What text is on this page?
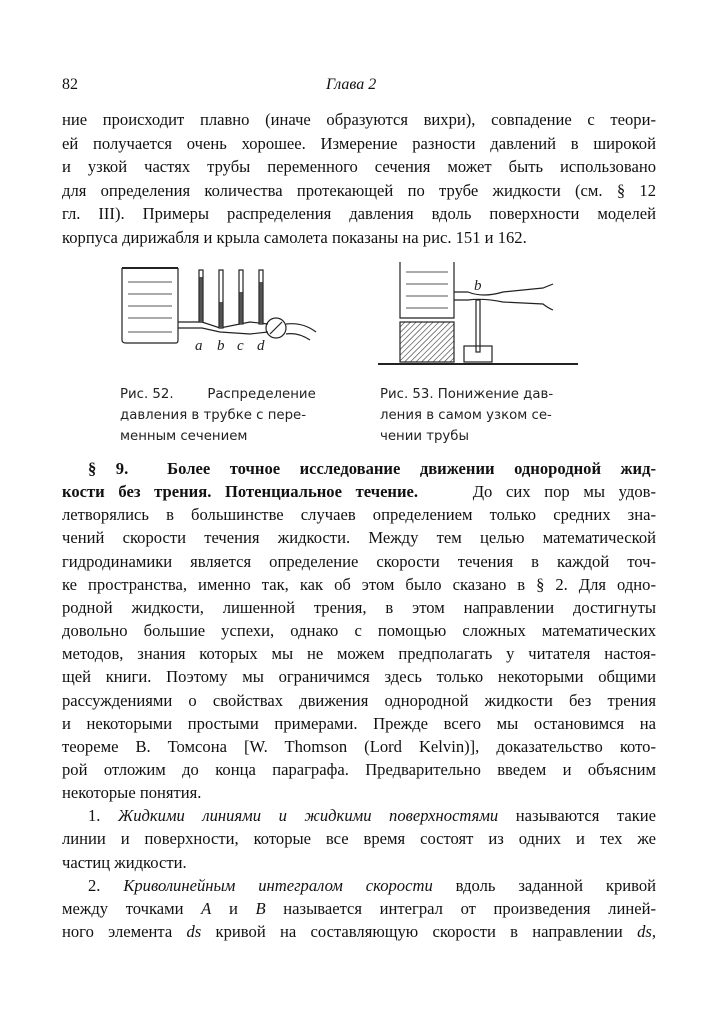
82	Глава 2
ние происходит плавно (иначе образуются вихри), совпадение с теори-
ей получается очень хорошее. Измерение разности давлений в широкой
и узкой частях трубы переменного сечения может быть использовано
для определения количества протекающей по трубе жидкости (см. § 12
гл. III). Примеры распределения давления вдоль поверхности моделей
корпуса дирижабля и крыла самолета показаны на рис. 151 и 162.
a b c d
b
Рис. 52.        Распределение
давления в трубке с пере-
менным сечением
Рис. 53. Понижение дав-
ления в самом узком се-
чении трубы
§ 9.  Более точное исследование движении однородной жид-
кости без трения. Потенциальное течение.    До сих пор мы удов-
летворялись в большинстве случаев определением только средних зна-
чений скорости течения жидкости. Между тем целью математической
гидродинамики является определение скорости течения в каждой точ-
ке пространства, именно так, как об этом было сказано в § 2. Для одно-
родной жидкости, лишенной трения, в этом направлении достигнуты
довольно большие успехи, однако с помощью сложных математических
методов, знания которых мы не можем предполагать у читателя настоя-
щей книги. Поэтому мы ограничимся здесь только некоторыми общими
рассуждениями о свойствах движения однородной жидкости без трения
и некоторыми простыми примерами. Прежде всего мы остановимся на
теореме В. Томсона [W. Thomson (Lord Kelvin)], доказательство кото-
рой отложим до конца параграфа. Предварительно введем и объясним
некоторые понятия.
1. Жидкими линиями и жидкими поверхностями называются такие
линии и поверхности, которые все время состоят из одних и тех же
частиц жидкости.
2. Криволинейным интегралом скорости вдоль заданной кривой
между точками A и B называется интеграл от произведения линей-
ного элемента ds кривой на составляющую скорости в направлении ds,
